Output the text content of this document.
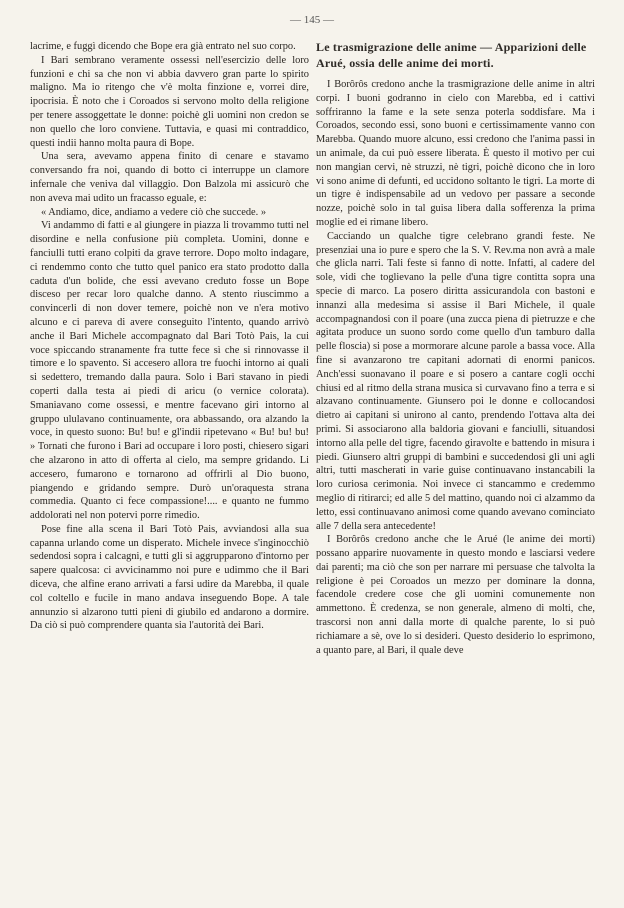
— 145 —

lacrime, e fuggì dicendo che Bope era già entrato nel suo corpo.

I Bari sembrano veramente ossessi nell'esercizio delle loro funzioni e chi sa che non vi abbia davvero gran parte lo spirito maligno. Ma io ritengo che v'è molta finzione e, vorrei dire, ipocrisia. È noto che i Coroados si servono molto della religione per tenere assoggettate le donne: poichè gli uomini non credon se non quello che loro conviene. Tuttavia, e quasi mi contraddico, questi indii hanno molta paura di Bope.

Una sera, avevamo appena finito di cenare e stavamo conversando fra noi, quando di botto ci interruppe un clamore infernale che veniva dal villaggio. Don Balzola mi assicurò che non aveva mai udito un fracasso eguale, e:

« Andiamo, dice, andiamo a vedere ciò che succede. »

Vi andammo di fatti e al giungere in piazza li trovammo tutti nel disordine e nella confusione più completa. Uomini, donne e fanciulli tutti erano colpiti da grave terrore. Dopo molto indagare, ci rendemmo conto che tutto quel panico era stato prodotto dalla caduta d'un bolide, che essi avevano creduto fosse un Bope disceso per recar loro qualche danno. A stento riuscimmo a convincerli di non dover temere, poichè non ve n'era motivo alcuno e ci pareva di avere conseguito l'intento, quando arrivò anche il Bari Michele accompagnato dal Bari Totò Pais, la cui voce spiccando stranamente fra tutte fece sì che si rinnovasse il timore e lo spavento. Si accesero allora tre fuochi intorno ai quali si sedettero, tremando dalla paura. Solo i Bari stavano in piedi coperti dalla testa ai piedi di aricu (o vernice colorata). Smaniavano come ossessi, e mentre facevano giri intorno al gruppo ululavano continuamente, ora abbassando, ora alzando la voce, in questo suono: Bu! bu! e gl'indii ripetevano « Bu! bu! bu! » Tornati che furono i Bari ad occupare i loro posti, chiesero sigari che alzarono in atto di offerta al cielo, ma sempre gridando. Li accesero, fumarono e tornarono ad offrirli al Dio buono, piangendo e gridando sempre. Durò un'oraquesta strana commedia. Quanto ci fece compassione!.... e quanto ne fummo addolorati nel non potervi porre rimedio.

Pose fine alla scena il Bari Totò Pais, avviandosi alla sua capanna urlando come un disperato. Michele invece s'inginocchiò sedendosi sopra i calcagni, e tutti gli si aggrupparono d'intorno per sapere qualcosa: ci avvicinammo noi pure e udimmo che il Bari diceva, che alfine erano arrivati a farsi udire da Marebba, il quale col coltello e fucile in mano andava inseguendo Bope. A tale annunzio si alzarono tutti pieni di giubilo ed andarono a dormire. Da ciò si può comprendere quanta sia l'autorità dei Bari.

Le trasmigrazione delle anime — Apparizioni delle Arué, ossia delle anime dei morti.

I Borôrôs credono anche la trasmigrazione delle anime in altri corpi. I buoni godranno in cielo con Marebba, ed i cattivi soffriranno la fame e la sete senza poterla soddisfare. Ma i Coroados, secondo essi, sono buoni e certissimamente vanno con Marebba. Quando muore alcuno, essi credono che l'anima passi in un animale, da cui può essere liberata. È questo il motivo per cui non mangian cervi, nè struzzi, nè tigri, poichè dicono che in loro vi sono anime di defunti, ed uccidono soltanto le tigri. La morte di un tigre è indispensabile ad un vedovo per passare a seconde nozze, poichè solo in tal guisa libera dalla sofferenza la prima moglie ed ei rimane libero.

Cacciando un qualche tigre celebrano grandi feste. Ne presenziai una io pure e spero che la S. V. Rev.ma non avrà a male che glicla narri. Tali feste si fanno di notte. Infatti, al cadere del sole, vidi che toglievano la pelle d'una tigre contitta sopra una specie di marco. La posero diritta assicurandola con bastoni e innanzi alla medesima si assise il Bari Michele, il quale accompagnandosi con il poare (una zucca piena di pietruzze e che agitata produce un suono sordo come quello d'un tamburo dalla pelle floscia) si pose a mormorare alcune parole a bassa voce. Alla fine si avanzarono tre capitani adornati di enormi panicos. Anch'essi suonavano il poare e si posero a cantare cogli occhi chiusi ed al ritmo della strana musica si curvavano fino a terra e si alzavano continuamente. Giunsero poi le donne e collocandosi dietro ai capitani si unirono al canto, prendendo l'ottava alta dei primi. Si associarono alla baldoria giovani e fanciulli, situandosi intorno alla pelle del tigre, facendo giravolte e battendo in misura i piedi. Giunsero altri gruppi di bambini e succedendosi gli uni agli altri, tutti mascherati in varie guise continuavano instancabili la loro curiosa cerimonia. Noi invece ci stancammo e credemmo meglio di ritirarci; ed alle 5 del mattino, quando noi ci alzammo da letto, essi continuavano animosi come quando avevano cominciato alle 7 della sera antecedente!

I Borôrôs credono anche che le Arué (le anime dei morti) possano apparire nuovamente in questo mondo e lasciarsi vedere dai parenti; ma ciò che son per narrare mi persuase che talvolta la religione è pei Coroados un mezzo per dominare la donna, facendole credere cose che gli uomini comunemente non ammettono. È credenza, se non generale, almeno di molti, che, trascorsi non anni dalla morte di qualche parente, lo si può richiamare a sè, ove lo si desideri. Questo desiderio lo esprimono, a quanto pare, al Bari, il quale deve
